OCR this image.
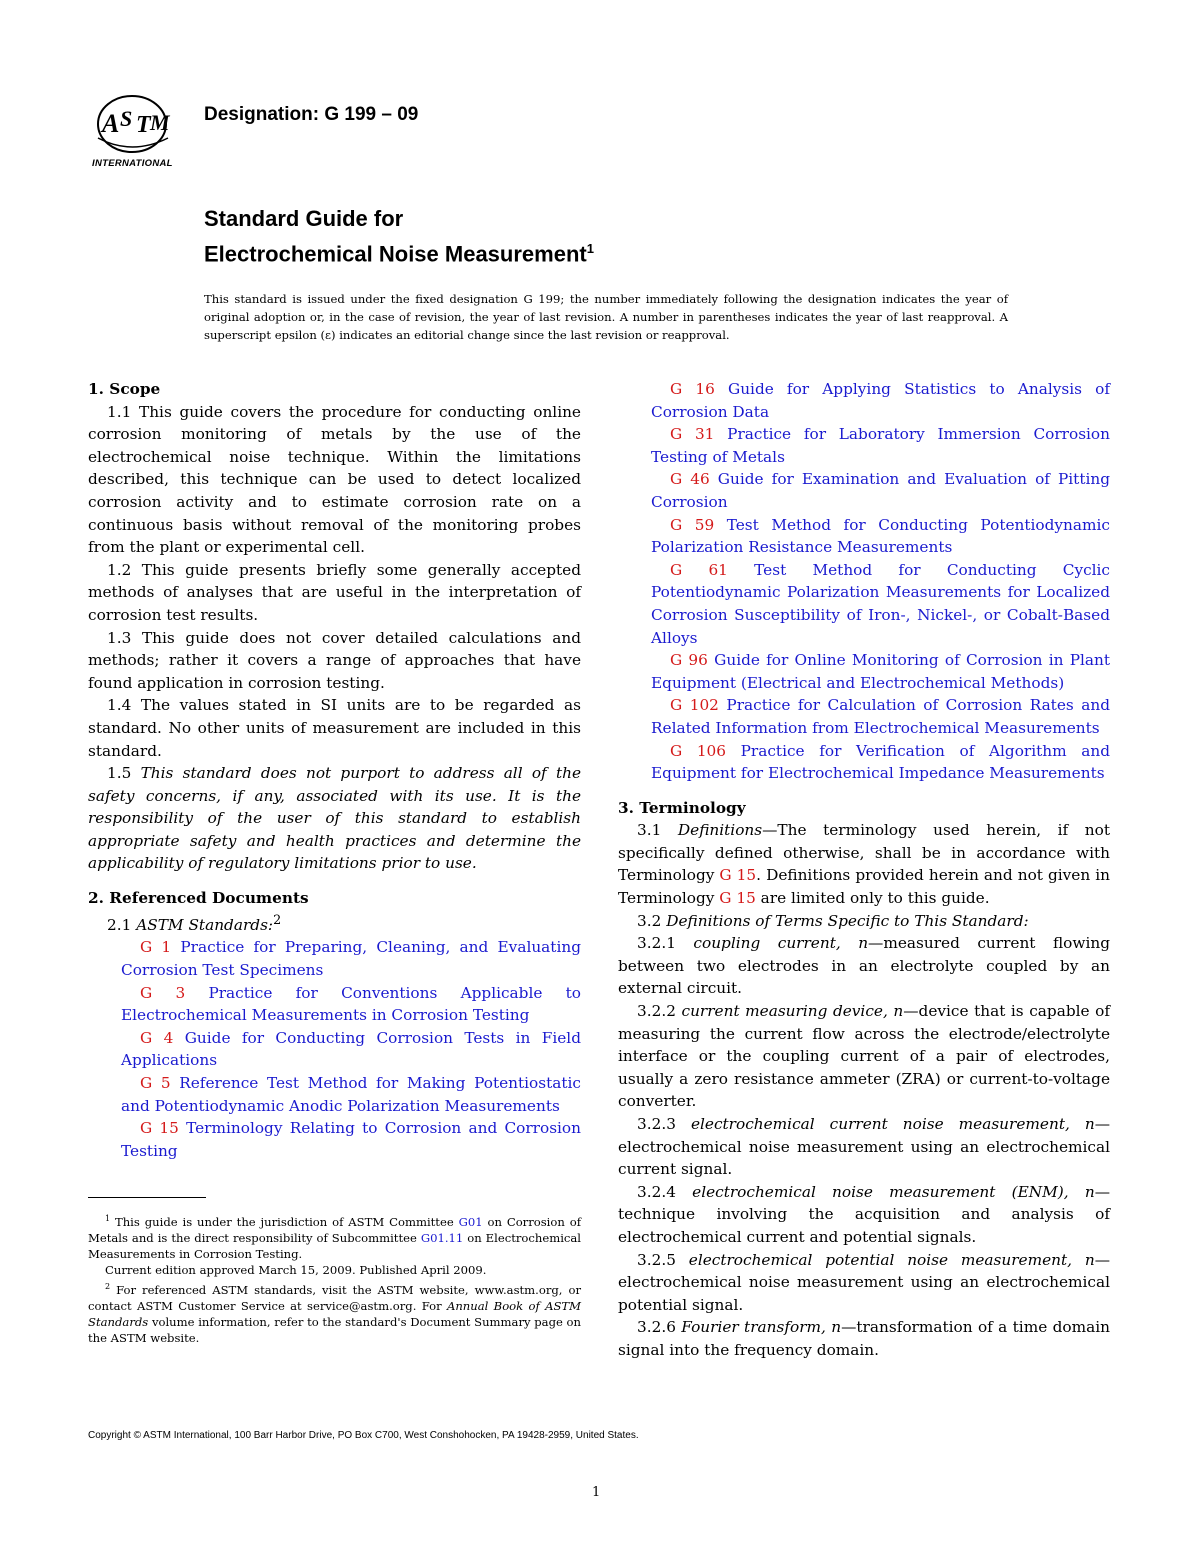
A S T M
INTERNATIONAL
Designation: G 199 – 09
Standard Guide for
Electrochemical Noise Measurement$^1$
This standard is issued under the fixed designation G 199; the number immediately following the designation indicates the year of original adoption or, in the case of revision, the year of last revision. A number in parentheses indicates the year of last reapproval. A superscript epsilon (ε) indicates an editorial change since the last revision or reapproval.

1. Scope

1.1 This guide covers the procedure for conducting online corrosion monitoring of metals by the use of the electrochemical noise technique. Within the limitations described, this technique can be used to detect localized corrosion activity and to estimate corrosion rate on a continuous basis without removal of the monitoring probes from the plant or experimental cell.

1.2 This guide presents briefly some generally accepted methods of analyses that are useful in the interpretation of corrosion test results.

1.3 This guide does not cover detailed calculations and methods; rather it covers a range of approaches that have found application in corrosion testing.

1.4 The values stated in SI units are to be regarded as standard. No other units of measurement are included in this standard.

1.5 This standard does not purport to address all of the safety concerns, if any, associated with its use. It is the responsibility of the user of this standard to establish appropriate safety and health practices and determine the applicability of regulatory limitations prior to use.

2. Referenced Documents

2.1 ASTM Standards:$^2$

G 1 Practice for Preparing, Cleaning, and Evaluating Corrosion Test Specimens

G 3 Practice for Conventions Applicable to Electrochemical Measurements in Corrosion Testing

G 4 Guide for Conducting Corrosion Tests in Field Applications

G 5 Reference Test Method for Making Potentiostatic and Potentiodynamic Anodic Polarization Measurements

G 15 Terminology Relating to Corrosion and Corrosion Testing

$^1$ This guide is under the jurisdiction of ASTM Committee G01 on Corrosion of Metals and is the direct responsibility of Subcommittee G01.11 on Electrochemical Measurements in Corrosion Testing.

Current edition approved March 15, 2009. Published April 2009.

$^2$ For referenced ASTM standards, visit the ASTM website, www.astm.org, or contact ASTM Customer Service at service@astm.org. For Annual Book of ASTM Standards volume information, refer to the standard's Document Summary page on the ASTM website.

G 16 Guide for Applying Statistics to Analysis of Corrosion Data

G 31 Practice for Laboratory Immersion Corrosion Testing of Metals

G 46 Guide for Examination and Evaluation of Pitting Corrosion

G 59 Test Method for Conducting Potentiodynamic Polarization Resistance Measurements

G 61 Test Method for Conducting Cyclic Potentiodynamic Polarization Measurements for Localized Corrosion Susceptibility of Iron-, Nickel-, or Cobalt-Based Alloys

G 96 Guide for Online Monitoring of Corrosion in Plant Equipment (Electrical and Electrochemical Methods)

G 102 Practice for Calculation of Corrosion Rates and Related Information from Electrochemical Measurements

G 106 Practice for Verification of Algorithm and Equipment for Electrochemical Impedance Measurements

3. Terminology

3.1 Definitions—The terminology used herein, if not specifically defined otherwise, shall be in accordance with Terminology G 15. Definitions provided herein and not given in Terminology G 15 are limited only to this guide.

3.2 Definitions of Terms Specific to This Standard:

3.2.1 coupling current, n—measured current flowing between two electrodes in an electrolyte coupled by an external circuit.

3.2.2 current measuring device, n—device that is capable of measuring the current flow across the electrode/electrolyte interface or the coupling current of a pair of electrodes, usually a zero resistance ammeter (ZRA) or current-to-voltage converter.

3.2.3 electrochemical current noise measurement, n—electrochemical noise measurement using an electrochemical current signal.

3.2.4 electrochemical noise measurement (ENM), n—technique involving the acquisition and analysis of electrochemical current and potential signals.

3.2.5 electrochemical potential noise measurement, n—electrochemical noise measurement using an electrochemical potential signal.

3.2.6 Fourier transform, n—transformation of a time domain signal into the frequency domain.

Copyright © ASTM International, 100 Barr Harbor Drive, PO Box C700, West Conshohocken, PA 19428-2959, United States.
1
